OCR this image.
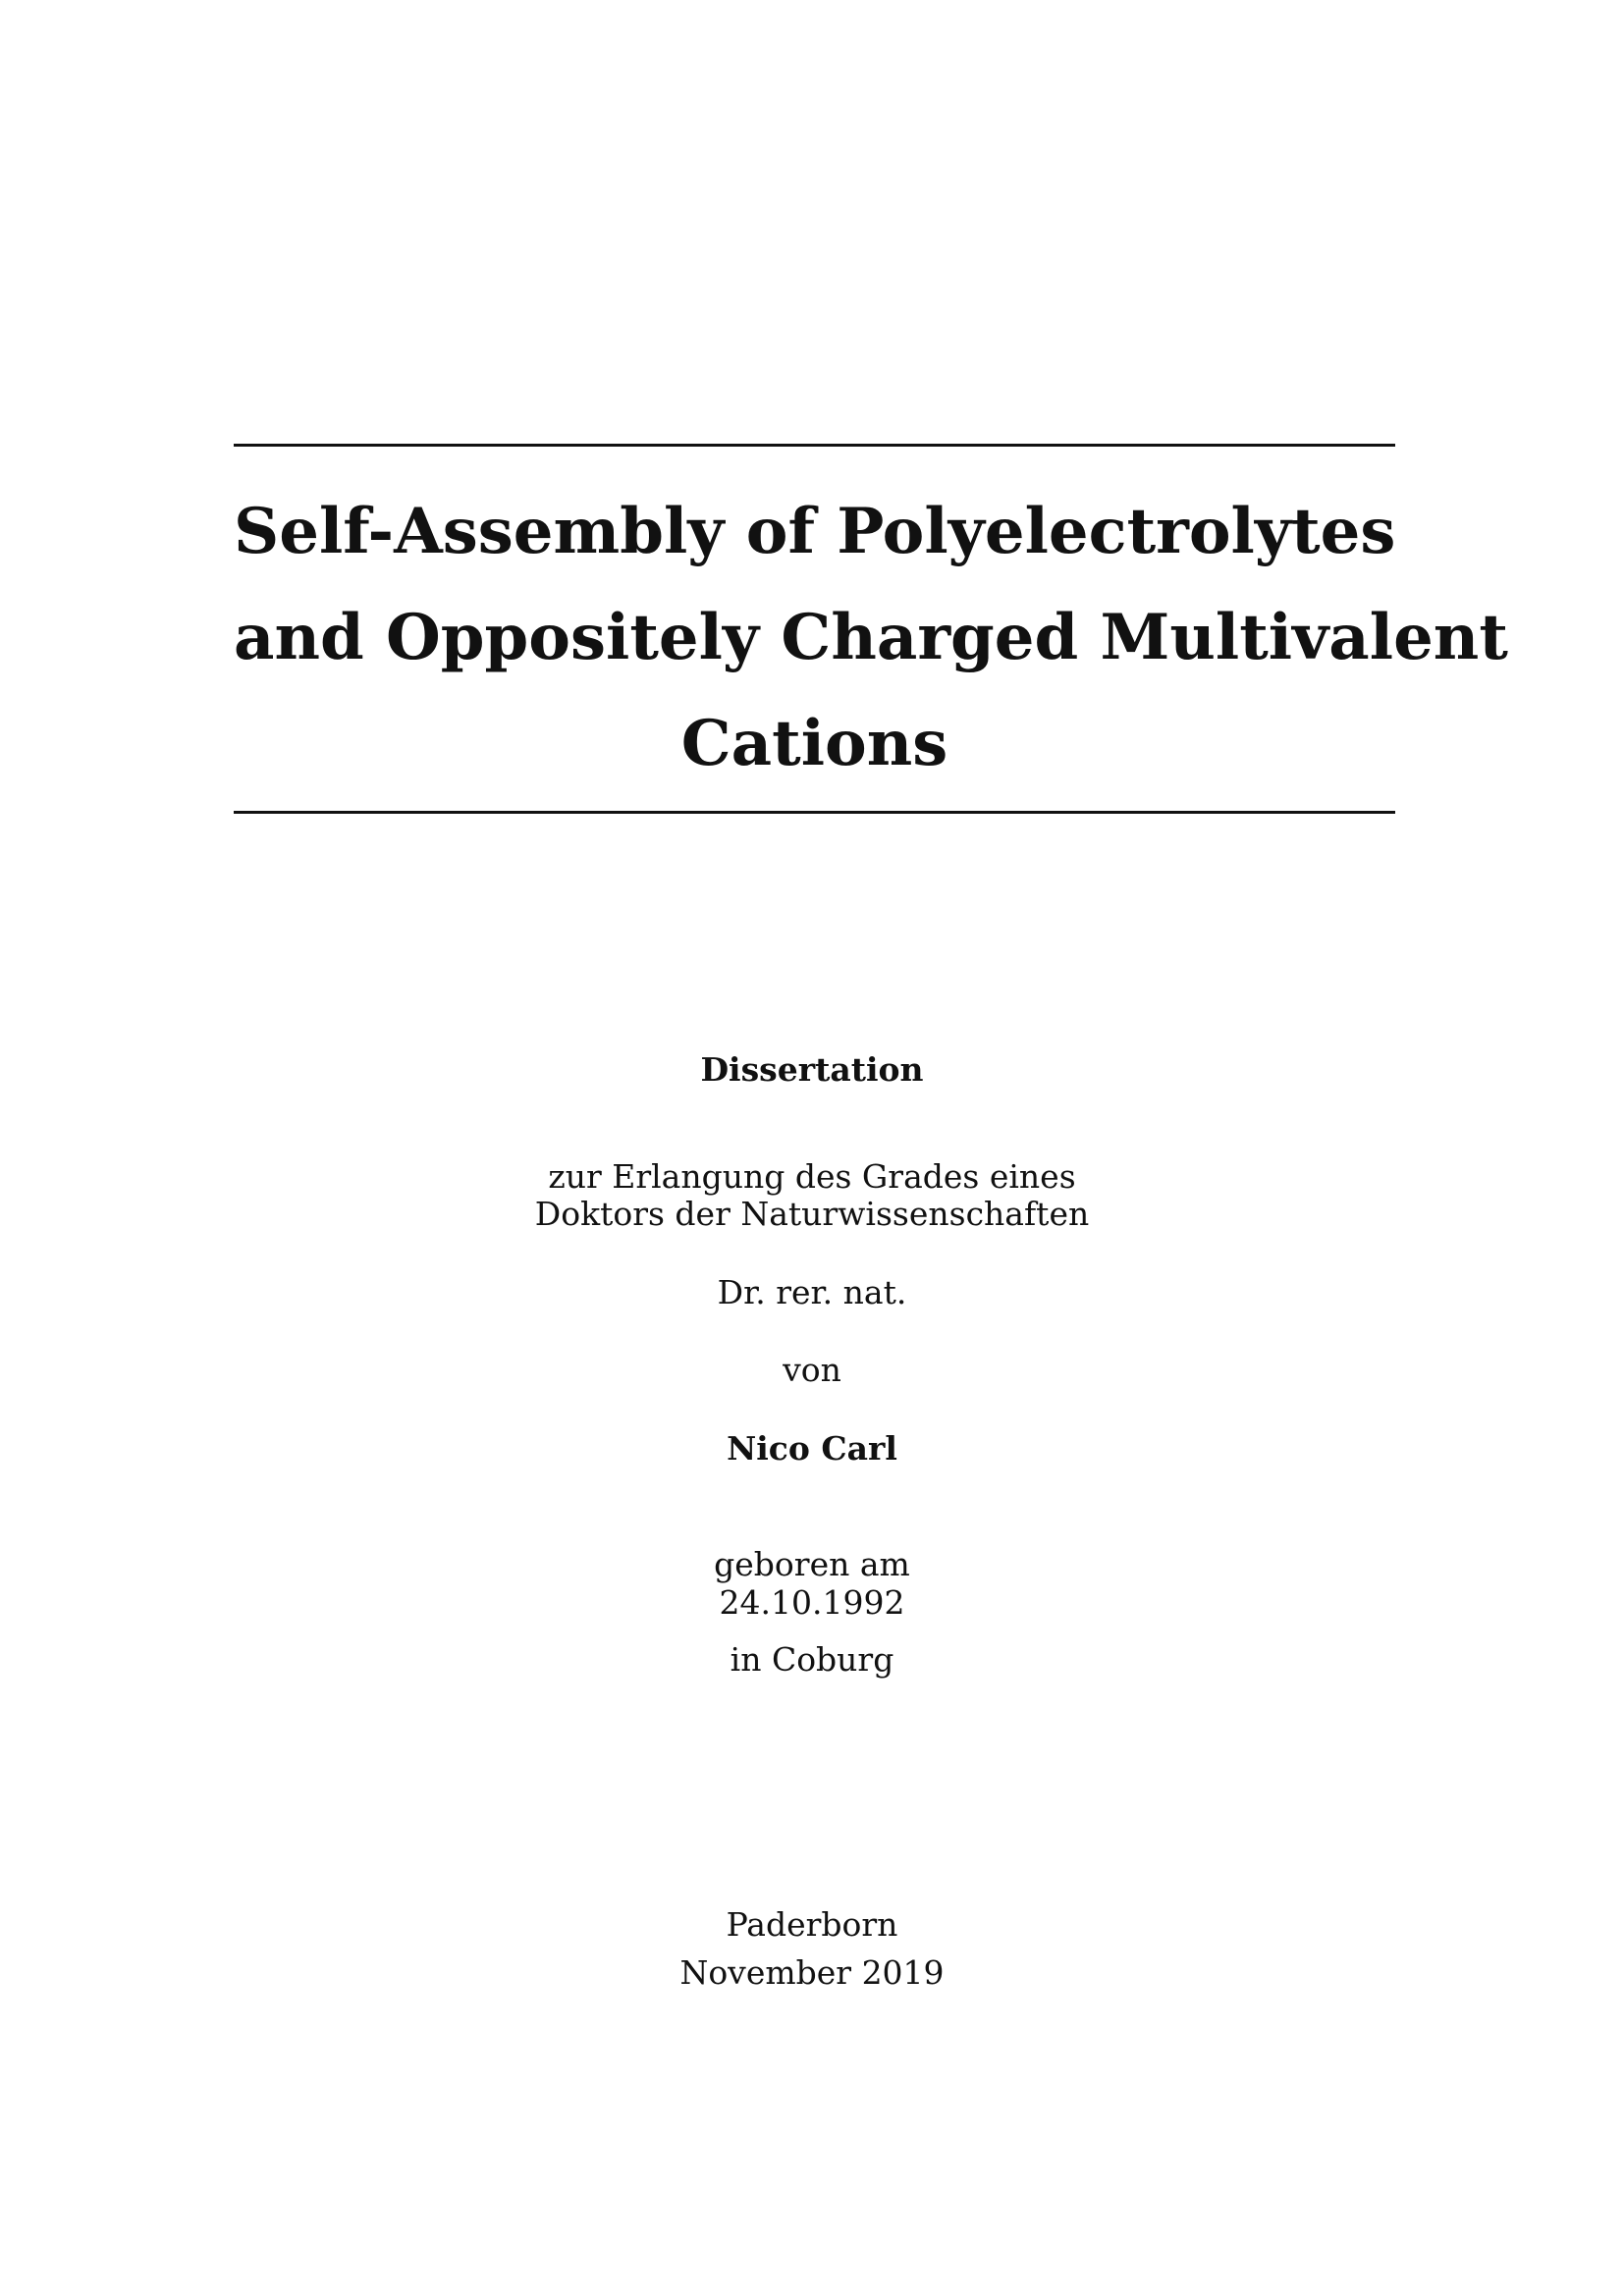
Self-Assembly of Polyelectrolytes
and Oppositely Charged Multivalent
Cations
Dissertation
zur Erlangung des Grades eines
Doktors der Naturwissenschaften
Dr. rer. nat.
von
Nico Carl
geboren am
24.10.1992
in Coburg
Paderborn
November 2019
